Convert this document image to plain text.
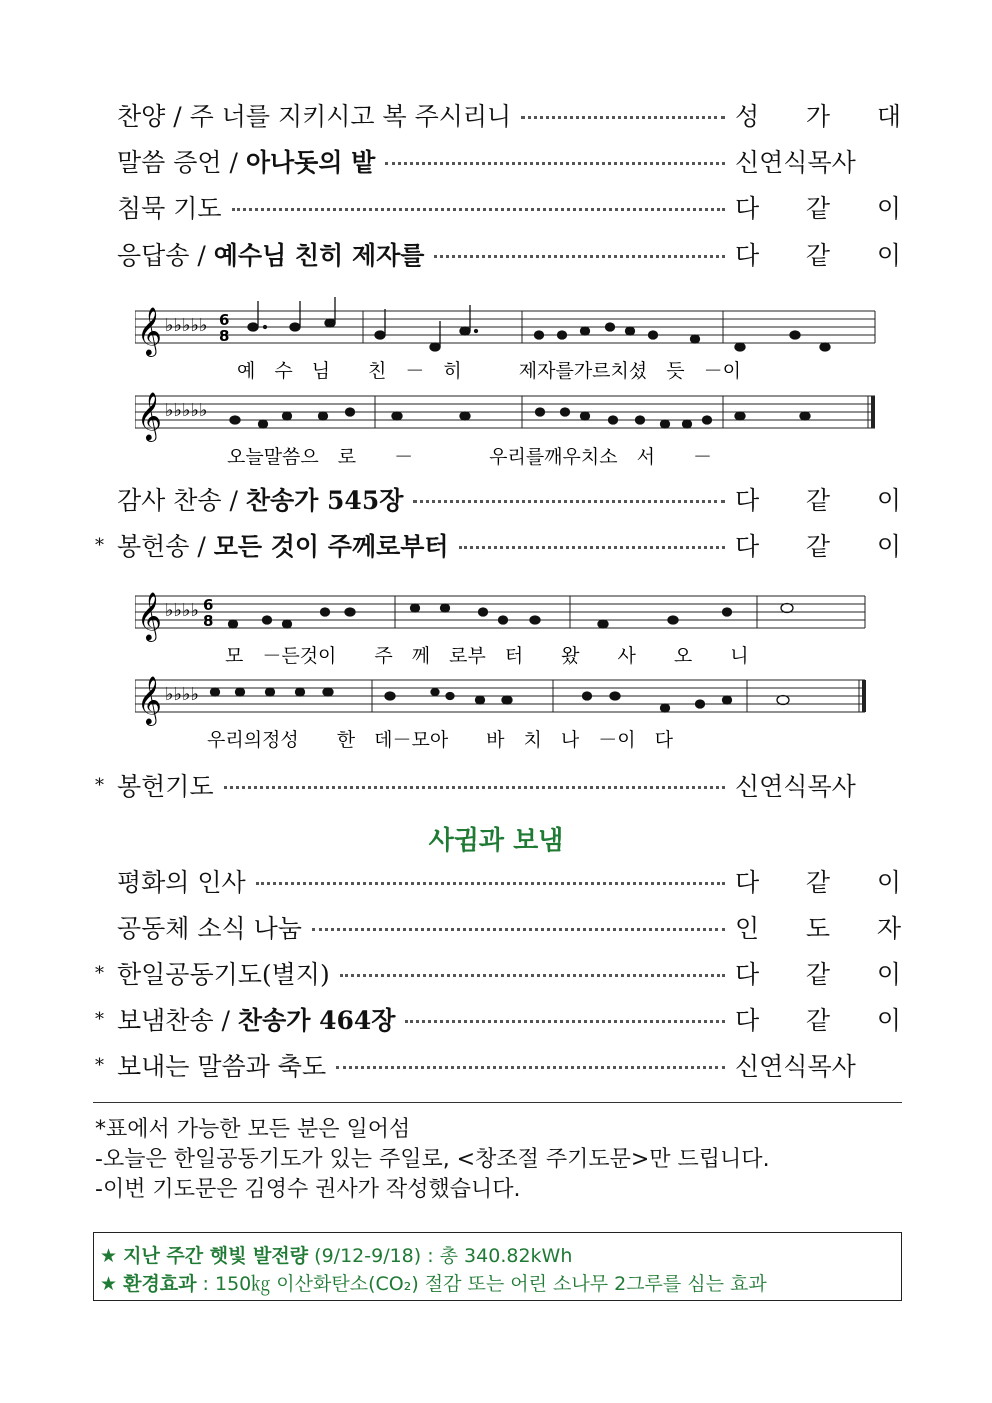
찬양 / 주 너를 지키시고 복 주시리니	성　가　대
말씀 증언 / 아나돗의 밭	신연식목사
침묵 기도	다　같　이
응답송 / 예수님 친히 제자를	다　같　이
𝄞 ♭♭♭♭♭ 6
8
예　수　님　　친　－　히　　　제자를가르치셨　듯　－이
𝄞 ♭♭♭♭♭
오늘말씀으　로　　－　　　　우리를깨우치소　서　　－
감사 찬송 / 찬송가 545장	다　같　이
* 봉헌송 / 모든 것이 주께로부터	다　같　이
𝄞 ♭♭♭♭ 6
8
모　－든것이　　주　께　로부　터　　왔　　사　　오　　니
𝄞 ♭♭♭♭
우리의정성　　한　데－모아　　바　치　나　－이　다
* 봉헌기도	신연식목사
사귐과 보냄
평화의 인사	다　같　이
공동체 소식 나눔	인　도　자
* 한일공동기도(별지)	다　같　이
* 보냄찬송 / 찬송가 464장	다　같　이
* 보내는 말씀과 축도	신연식목사
*표에서 가능한 모든 분은 일어섬
-오늘은 한일공동기도가 있는 주일로, <창조절 주기도문>만 드립니다.
-이번 기도문은 김영수 권사가 작성했습니다.
★ 지난 주간 햇빛 발전량 (9/12-9/18) : 총 340.82kWh
★ 환경효과 : 150㎏ 이산화탄소(CO₂) 절감 또는 어린 소나무 2그루를 심는 효과
